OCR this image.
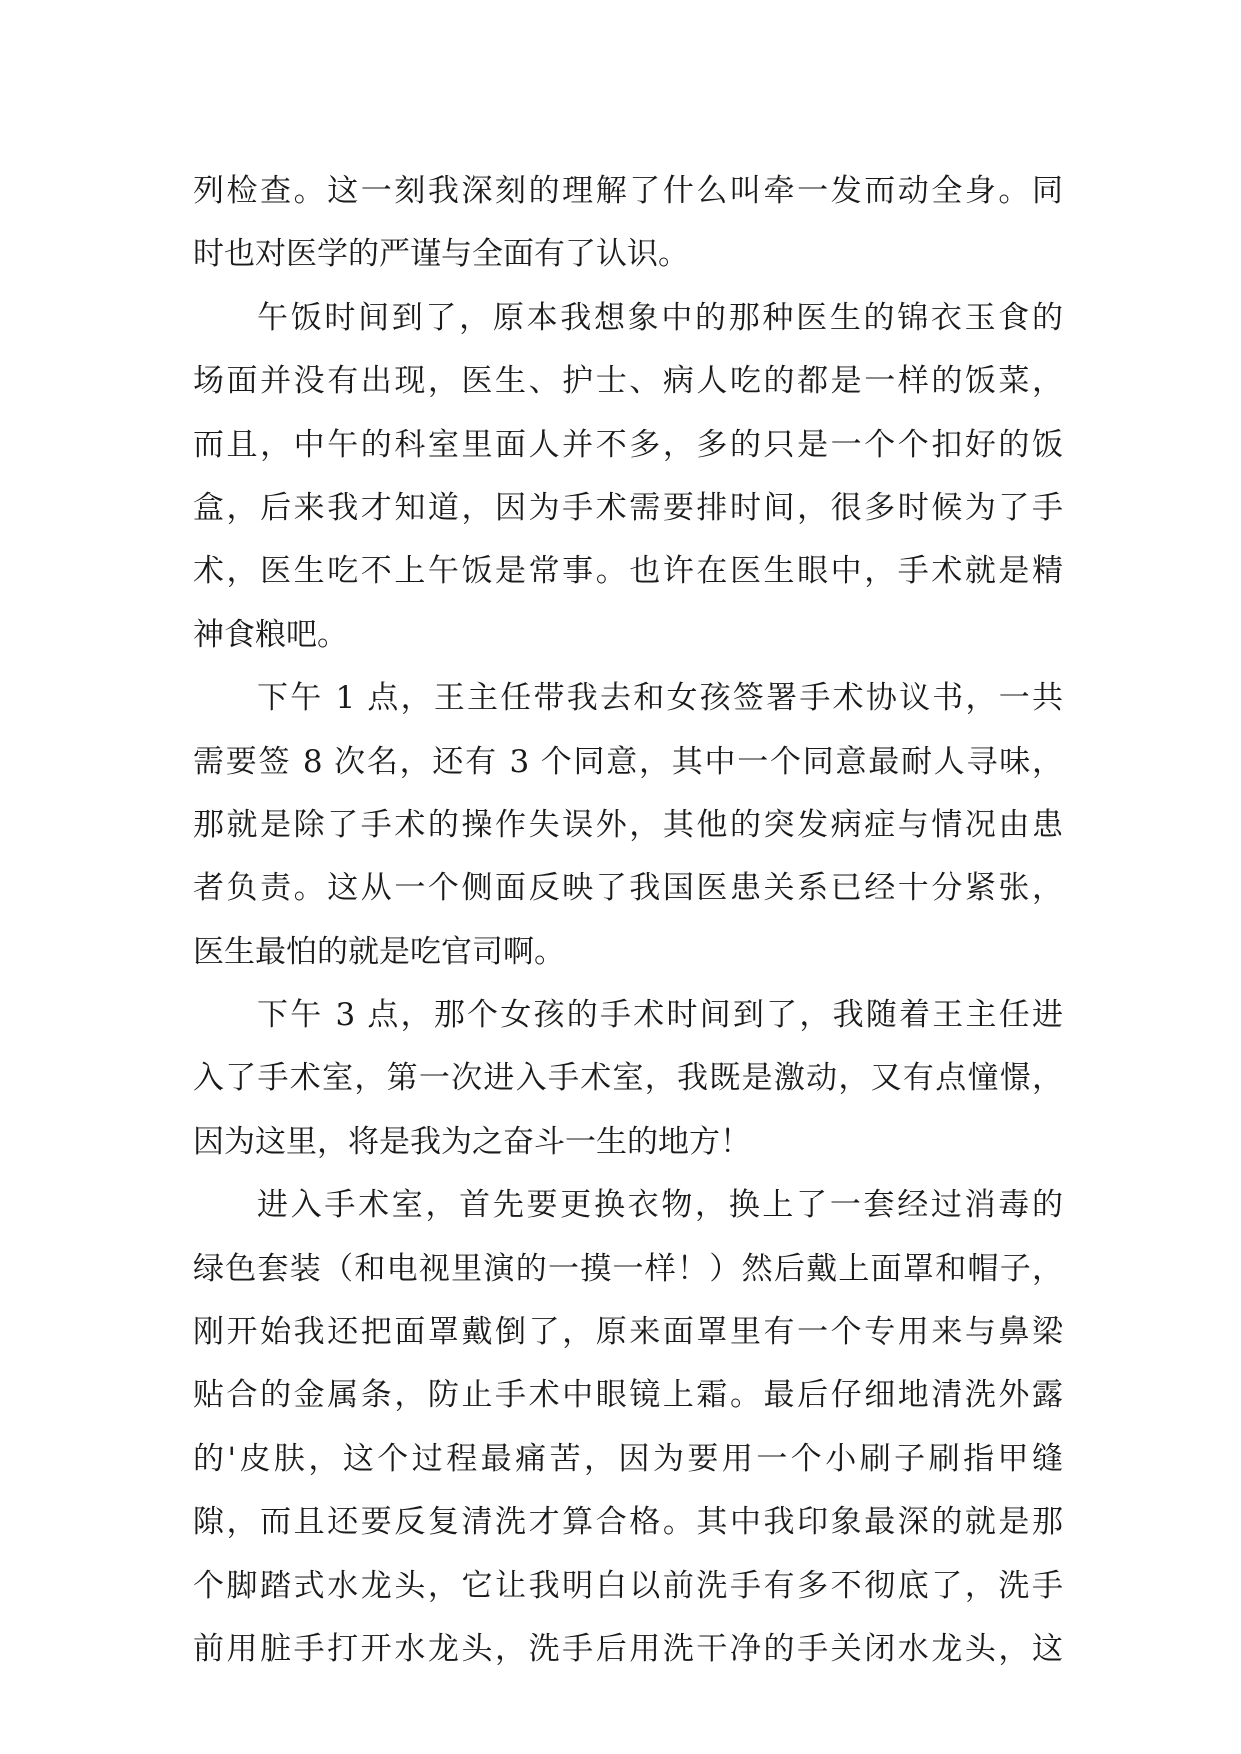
列检查。这一刻我深刻的理解了什么叫牵一发而动全身。同
时也对医学的严谨与全面有了认识。
午饭时间到了，原本我想象中的那种医生的锦衣玉食的
场面并没有出现，医生、护士、病人吃的都是一样的饭菜，
而且，中午的科室里面人并不多，多的只是一个个扣好的饭
盒，后来我才知道，因为手术需要排时间，很多时候为了手
术，医生吃不上午饭是常事。也许在医生眼中，手术就是精
神食粮吧。
下午 1 点，王主任带我去和女孩签署手术协议书，一共
需要签 8 次名，还有 3 个同意，其中一个同意最耐人寻味，
那就是除了手术的操作失误外，其他的突发病症与情况由患
者负责。这从一个侧面反映了我国医患关系已经十分紧张，
医生最怕的就是吃官司啊。
下午 3 点，那个女孩的手术时间到了，我随着王主任进
入了手术室，第一次进入手术室，我既是激动，又有点憧憬，
因为这里，将是我为之奋斗一生的地方！
进入手术室，首先要更换衣物，换上了一套经过消毒的
绿色套装（和电视里演的一摸一样！）然后戴上面罩和帽子，
刚开始我还把面罩戴倒了，原来面罩里有一个专用来与鼻梁
贴合的金属条，防止手术中眼镜上霜。最后仔细地清洗外露
的'皮肤，这个过程最痛苦，因为要用一个小刷子刷指甲缝
隙，而且还要反复清洗才算合格。其中我印象最深的就是那
个脚踏式水龙头，它让我明白以前洗手有多不彻底了，洗手
前用脏手打开水龙头，洗手后用洗干净的手关闭水龙头，这
